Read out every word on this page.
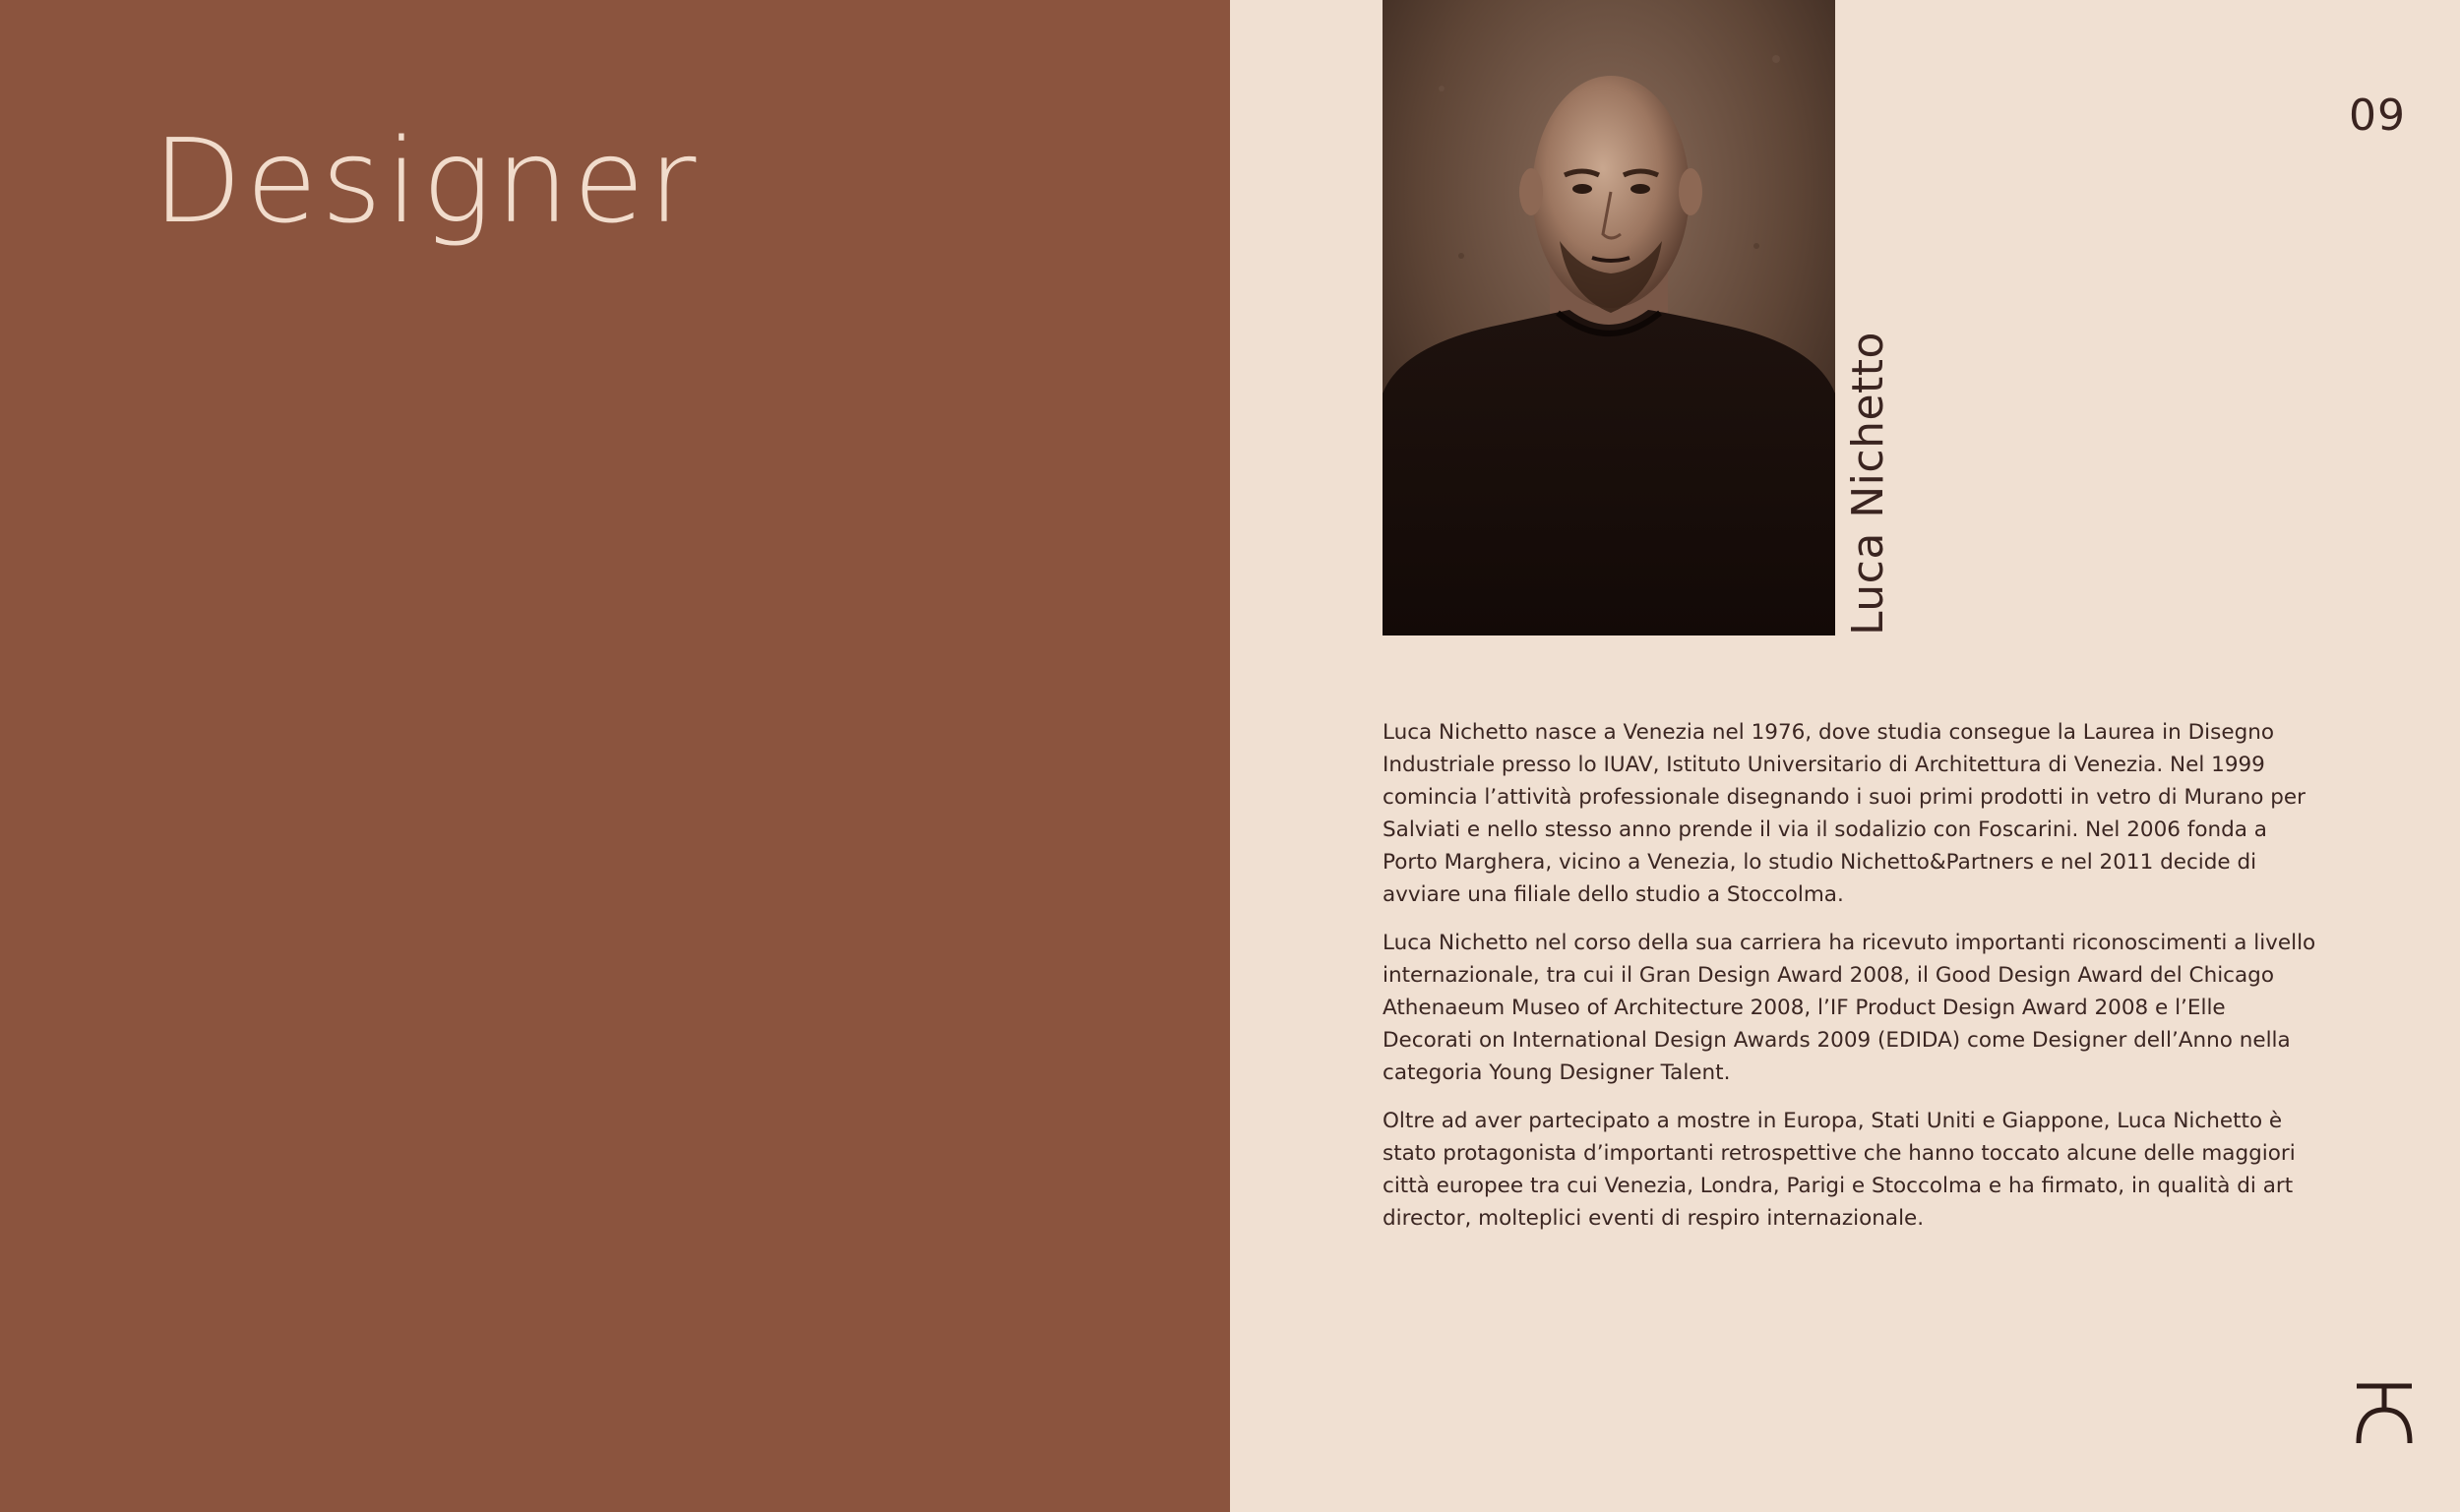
Designer	09
Luca Nichetto

Luca Nichetto nasce a Venezia nel 1976, dove studia consegue la Laurea in Disegno Industriale presso lo IUAV, Istituto Universitario di Architettura di Venezia. Nel 1999 comincia l’attività professionale disegnando i suoi primi prodotti in vetro di Murano per Salviati e nello stesso anno prende il via il sodalizio con Foscarini. Nel 2006 fonda a Porto Marghera, vicino a Venezia, lo studio Nichetto&Partners e nel 2011 decide di avviare una filiale dello studio a Stoccolma.

Luca Nichetto nel corso della sua carriera ha ricevuto importanti riconoscimenti a livello internazionale, tra cui il Gran Design Award 2008, il Good Design Award del Chicago Athenaeum Museo of Architecture 2008, l’IF Product Design Award 2008 e l’Elle Decorati on International Design Awards 2009 (EDIDA) come Designer dell’Anno nella categoria Young Designer Talent.

Oltre ad aver partecipato a mostre in Europa, Stati Uniti e Giappone, Luca Nichetto è stato protagonista d’importanti retrospettive che hanno toccato alcune delle maggiori città europee tra cui Venezia, Londra, Parigi e Stoccolma e ha firmato, in qualità di art director, molteplici eventi di respiro internazionale.
